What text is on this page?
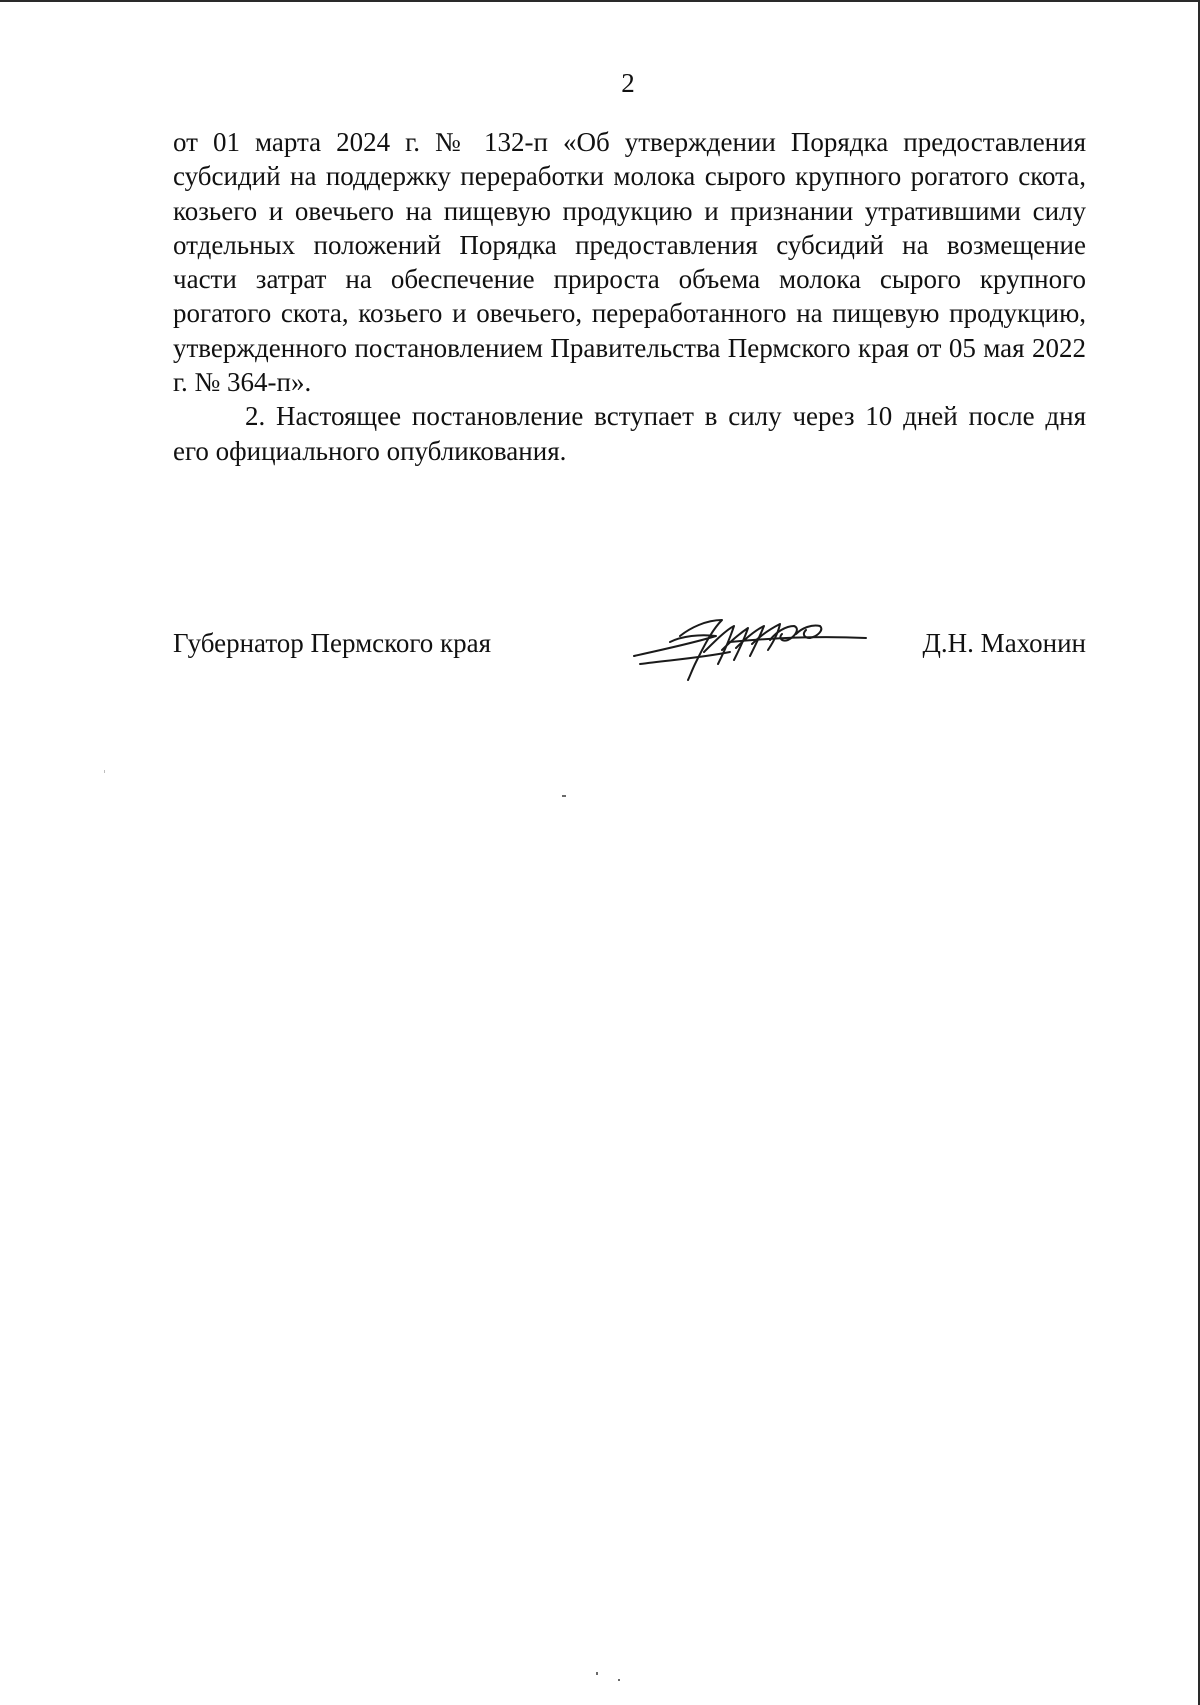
2

от 01 марта 2024 г. № 132-п «Об утверждении Порядка предоставления субсидий на поддержку переработки молока сырого крупного рогатого скота, козьего и овечьего на пищевую продукцию и признании утратившими силу отдельных положений Порядка предоставления субсидий на возмещение части затрат на обеспечение прироста объема молока сырого крупного рогатого скота, козьего и овечьего, переработанного на пищевую продукцию, утвержденного постановлением Правительства Пермского края от 05 мая 2022 г. № 364-п».

2. Настоящее постановление вступает в силу через 10 дней после дня его официального опубликования.

Губернатор Пермского края	Д.Н. Махонин
